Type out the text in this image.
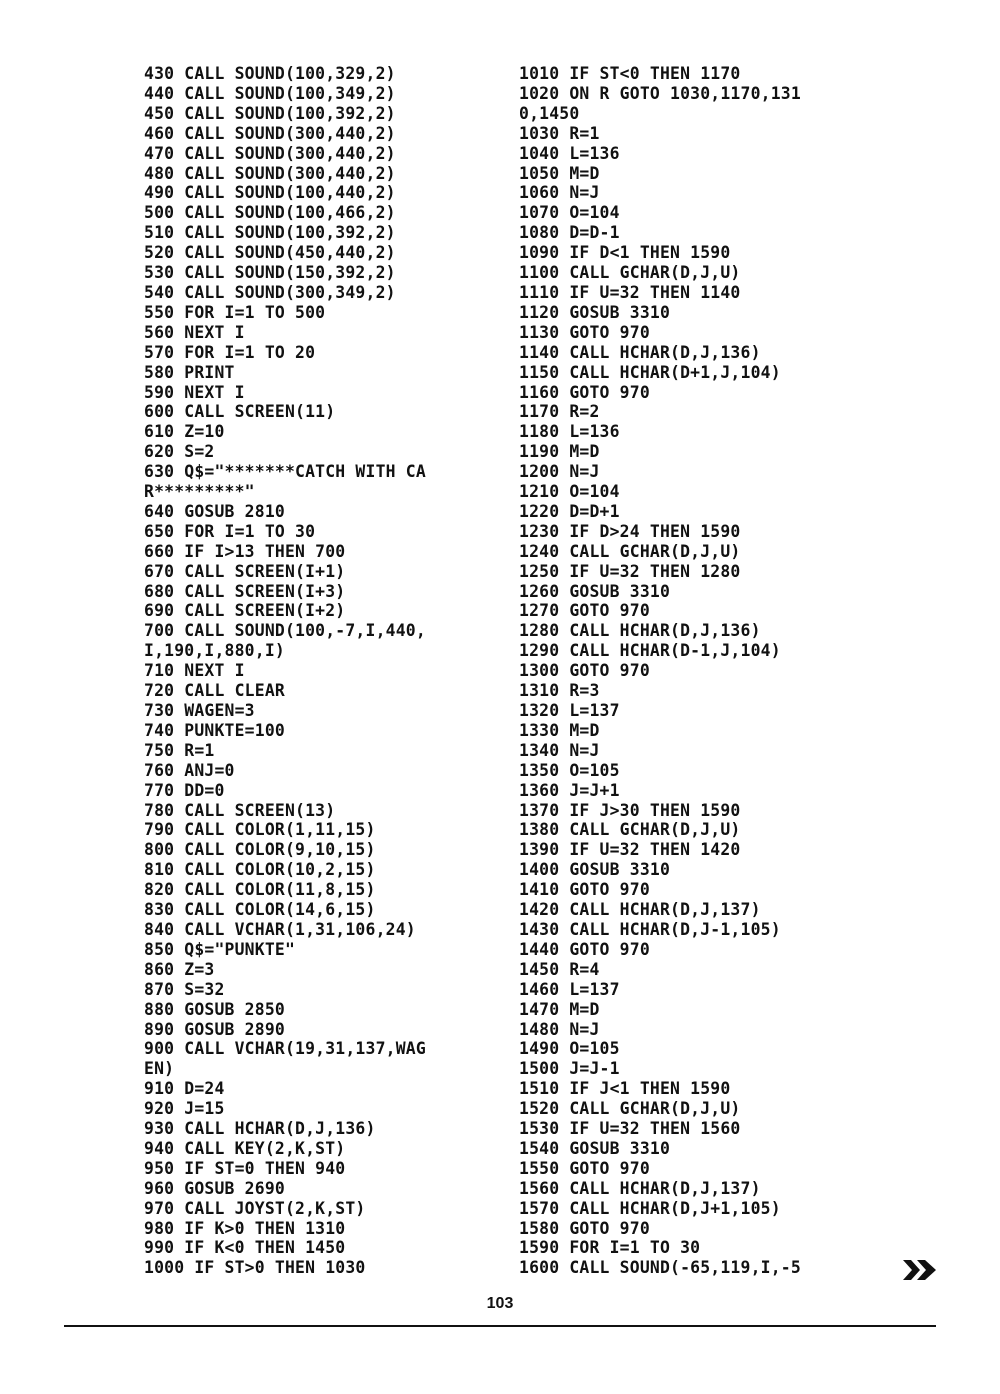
430 CALL SOUND(100,329,2)
440 CALL SOUND(100,349,2)
450 CALL SOUND(100,392,2)
460 CALL SOUND(300,440,2)
470 CALL SOUND(300,440,2)
480 CALL SOUND(300,440,2)
490 CALL SOUND(100,440,2)
500 CALL SOUND(100,466,2)
510 CALL SOUND(100,392,2)
520 CALL SOUND(450,440,2)
530 CALL SOUND(150,392,2)
540 CALL SOUND(300,349,2)
550 FOR I=1 TO 500
560 NEXT I
570 FOR I=1 TO 20
580 PRINT
590 NEXT I
600 CALL SCREEN(11)
610 Z=10
620 S=2
630 Q$="*******CATCH WITH CA
R*********"
640 GOSUB 2810
650 FOR I=1 TO 30
660 IF I>13 THEN 700
670 CALL SCREEN(I+1)
680 CALL SCREEN(I+3)
690 CALL SCREEN(I+2)
700 CALL SOUND(100,-7,I,440,
I,190,I,880,I)
710 NEXT I
720 CALL CLEAR
730 WAGEN=3
740 PUNKTE=100
750 R=1
760 ANJ=0
770 DD=0
780 CALL SCREEN(13)
790 CALL COLOR(1,11,15)
800 CALL COLOR(9,10,15)
810 CALL COLOR(10,2,15)
820 CALL COLOR(11,8,15)
830 CALL COLOR(14,6,15)
840 CALL VCHAR(1,31,106,24)
850 Q$="PUNKTE"
860 Z=3
870 S=32
880 GOSUB 2850
890 GOSUB 2890
900 CALL VCHAR(19,31,137,WAG
EN)
910 D=24
920 J=15
930 CALL HCHAR(D,J,136)
940 CALL KEY(2,K,ST)
950 IF ST=0 THEN 940
960 GOSUB 2690
970 CALL JOYST(2,K,ST)
980 IF K>0 THEN 1310
990 IF K<0 THEN 1450
1000 IF ST>0 THEN 1030
1010 IF ST<0 THEN 1170
1020 ON R GOTO 1030,1170,131
0,1450
1030 R=1
1040 L=136
1050 M=D
1060 N=J
1070 O=104
1080 D=D-1
1090 IF D<1 THEN 1590
1100 CALL GCHAR(D,J,U)
1110 IF U=32 THEN 1140
1120 GOSUB 3310
1130 GOTO 970
1140 CALL HCHAR(D,J,136)
1150 CALL HCHAR(D+1,J,104)
1160 GOTO 970
1170 R=2
1180 L=136
1190 M=D
1200 N=J
1210 O=104
1220 D=D+1
1230 IF D>24 THEN 1590
1240 CALL GCHAR(D,J,U)
1250 IF U=32 THEN 1280
1260 GOSUB 3310
1270 GOTO 970
1280 CALL HCHAR(D,J,136)
1290 CALL HCHAR(D-1,J,104)
1300 GOTO 970
1310 R=3
1320 L=137
1330 M=D
1340 N=J
1350 O=105
1360 J=J+1
1370 IF J>30 THEN 1590
1380 CALL GCHAR(D,J,U)
1390 IF U=32 THEN 1420
1400 GOSUB 3310
1410 GOTO 970
1420 CALL HCHAR(D,J,137)
1430 CALL HCHAR(D,J-1,105)
1440 GOTO 970
1450 R=4
1460 L=137
1470 M=D
1480 N=J
1490 O=105
1500 J=J-1
1510 IF J<1 THEN 1590
1520 CALL GCHAR(D,J,U)
1530 IF U=32 THEN 1560
1540 GOSUB 3310
1550 GOTO 970
1560 CALL HCHAR(D,J,137)
1570 CALL HCHAR(D,J+1,105)
1580 GOTO 970
1590 FOR I=1 TO 30
1600 CALL SOUND(-65,119,I,-5
103
